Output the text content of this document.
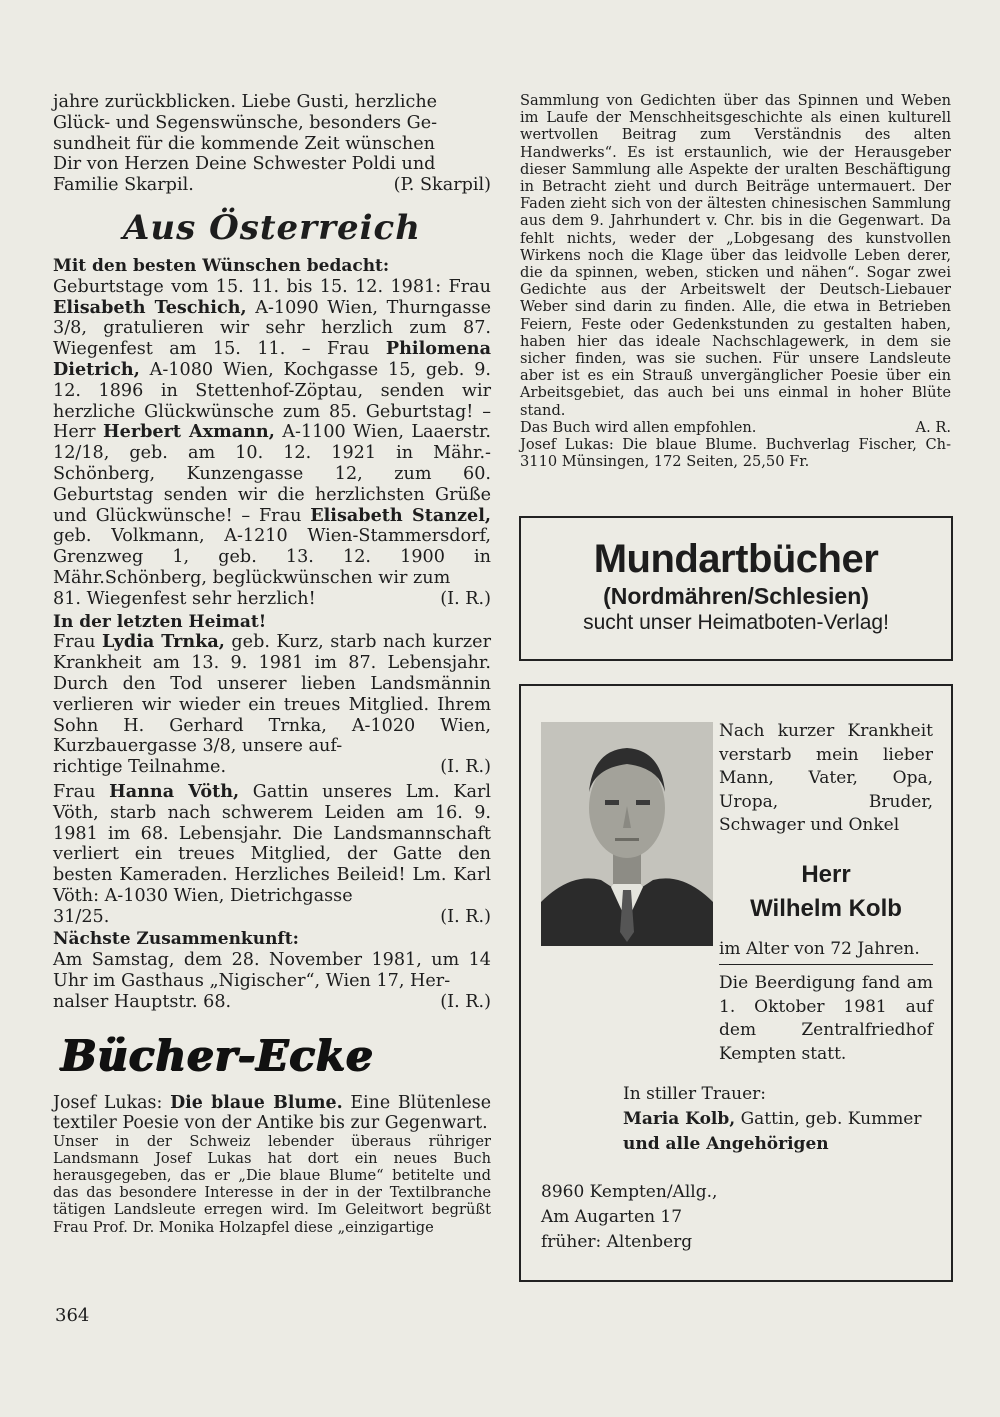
jahre zurückblicken. Liebe Gusti, herzliche
Glück- und Segenswünsche, besonders Ge-
sundheit für die kommende Zeit wünschen
Dir von Herzen Deine Schwester Poldi und

Familie Skarpil.	(P. Skarpil)
Aus Österreich
Mit den besten Wünschen bedacht:

Geburtstage vom 15. 11. bis 15. 12. 1981: Frau Elisabeth Teschich, A-1090 Wien, Thurngasse 3/8, gratulieren wir sehr herzlich zum 87. Wiegenfest am 15. 11. – Frau Philomena Dietrich, A-1080 Wien, Kochgasse 15, geb. 9. 12. 1896 in Stettenhof-Zöptau, senden wir herzliche Glückwünsche zum 85. Geburtstag! – Herr Herbert Axmann, A-1100 Wien, Laaerstr. 12/18, geb. am 10. 12. 1921 in Mähr.-Schönberg, Kunzengasse 12, zum 60. Geburtstag senden wir die herzlichsten Grüße und Glückwünsche! – Frau Elisabeth Stanzel, geb. Volkmann, A-1210 Wien-Stammersdorf, Grenzweg 1, geb. 13. 12. 1900 in Mähr.Schönberg, beglückwünschen wir zum

81. Wiegenfest sehr herzlich!	(I. R.)
In der letzten Heimat!

Frau Lydia Trnka, geb. Kurz, starb nach kurzer Krankheit am 13. 9. 1981 im 87. Lebensjahr. Durch den Tod unserer lieben Landsmännin verlieren wir wieder ein treues Mitglied. Ihrem Sohn H. Gerhard Trnka, A-1020 Wien, Kurzbauergasse 3/8, unsere auf-

richtige Teilnahme.	(I. R.)

Frau Hanna Vöth, Gattin unseres Lm. Karl Vöth, starb nach schwerem Leiden am 16. 9. 1981 im 68. Lebensjahr. Die Landsmannschaft verliert ein treues Mitglied, der Gatte den besten Kameraden. Herzliches Beileid! Lm. Karl Vöth: A-1030 Wien, Dietrichgasse

31/25.	(I. R.)
Nächste Zusammenkunft:

Am Samstag, dem 28. November 1981, um 14 Uhr im Gasthaus „Nigischer“, Wien 17, Her-

nalser Hauptstr. 68.	(I. R.)
Bücher-Ecke

Josef Lukas: Die blaue Blume. Eine Blütenlese textiler Poesie von der Antike bis zur Gegenwart.

Unser in der Schweiz lebender überaus rühriger Landsmann Josef Lukas hat dort ein neues Buch herausgegeben, das er „Die blaue Blume“ betitelte und das das besondere Interesse in der in der Textilbranche tätigen Landsleute erregen wird. Im Geleitwort begrüßt Frau Prof. Dr. Monika Holzapfel diese „einzigartige

364

Sammlung von Gedichten über das Spinnen und Weben im Laufe der Menschheitsgeschichte als einen kulturell wertvollen Beitrag zum Verständnis des alten Handwerks“. Es ist erstaunlich, wie der Herausgeber dieser Sammlung alle Aspekte der uralten Beschäftigung in Betracht zieht und durch Beiträge untermauert. Der Faden zieht sich von der ältesten chinesischen Sammlung aus dem 9. Jahrhundert v. Chr. bis in die Gegenwart. Da fehlt nichts, weder der „Lobgesang des kunstvollen Wirkens noch die Klage über das leidvolle Leben derer, die da spinnen, weben, sticken und nähen“. Sogar zwei Gedichte aus der Arbeitswelt der Deutsch-Liebauer Weber sind darin zu finden. Alle, die etwa in Betrieben Feiern, Feste oder Gedenkstunden zu gestalten haben, haben hier das ideale Nachschlagewerk, in dem sie sicher finden, was sie suchen. Für unsere Landsleute aber ist es ein Strauß unvergänglicher Poesie über ein Arbeitsgebiet, das auch bei uns einmal in hoher Blüte stand.

Das Buch wird allen empfohlen.	A. R.

Josef Lukas: Die blaue Blume. Buchverlag Fischer, Ch-3110 Münsingen, 172 Seiten, 25,50 Fr.

Mundartbücher
(Nordmähren/Schlesien)
sucht unser Heimatboten-Verlag!
Nach kurzer Krankheit verstarb mein lieber Mann, Vater, Opa, Uropa, Bruder, Schwager und Onkel
Herr
Wilhelm Kolb
im Alter von 72 Jahren.
Die Beerdigung fand am 1. Oktober 1981 auf dem Zentralfriedhof Kempten statt.
In stiller Trauer:
Maria Kolb, Gattin, geb. Kummer
und alle Angehörigen
8960 Kempten/Allg.,
Am Augarten 17
früher: Altenberg
